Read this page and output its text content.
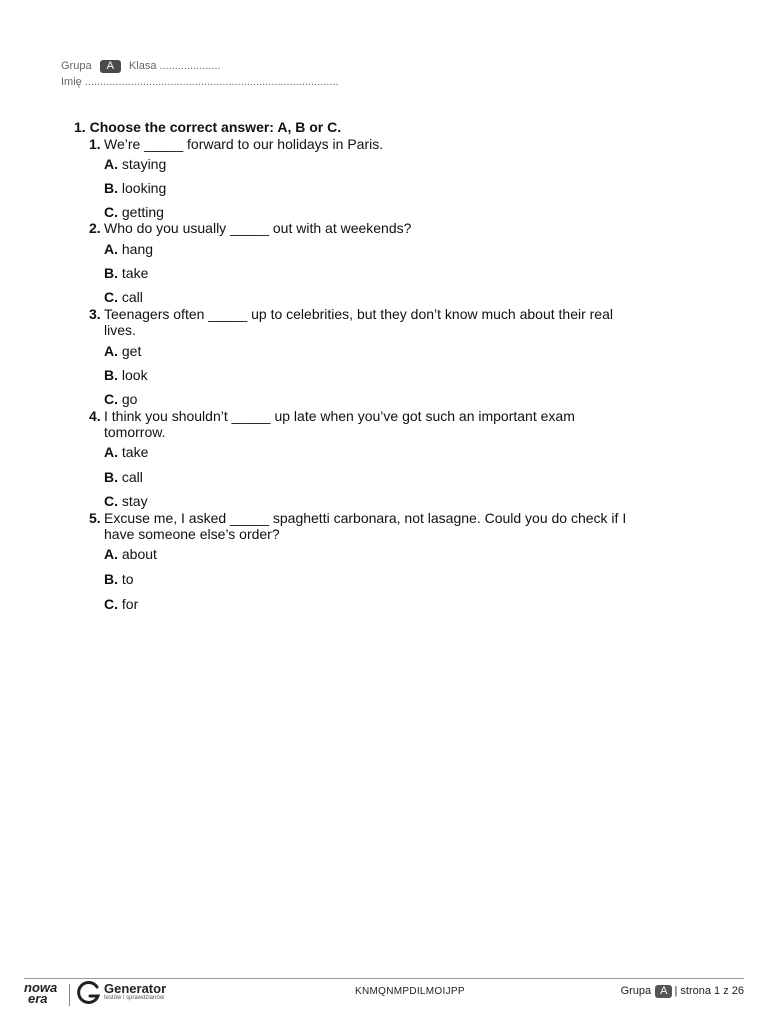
Grupa A Klasa ....................
Imię ...................................................................................
1. Choose the correct answer: A, B or C.
1. We’re _____ forward to our holidays in Paris.
A. staying
B. looking
C. getting
2. Who do you usually _____ out with at weekends?
A. hang
B. take
C. call
3. Teenagers often _____ up to celebrities, but they don’t know much about their real lives.
A. get
B. look
C. go
4. I think you shouldn’t _____ up late when you’ve got such an important exam tomorrow.
A. take
B. call
C. stay
5. Excuse me, I asked _____ spaghetti carbonara, not lasagne. Could you do check if I have someone else’s order?
A. about
B. to
C. for
nowa
era
Generator
testów i sprawdzianów
KNMQNMPDILMOIJPP	Grupa A | strona 1 z 26
